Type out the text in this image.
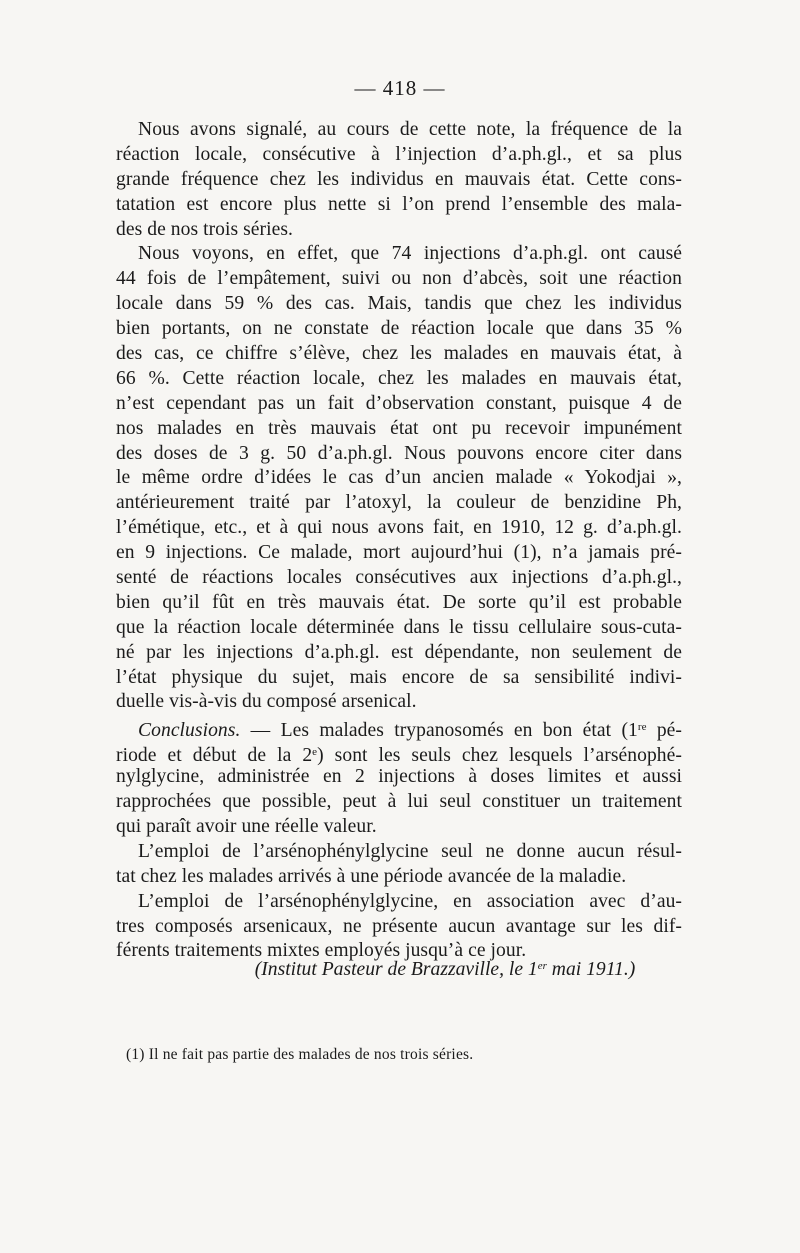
— 418 —
Nous avons signalé, au cours de cette note, la fréquence de la
réaction locale, consécutive à l’injection d’a.ph.gl., et sa plus
grande fréquence chez les individus en mauvais état. Cette cons-
tatation est encore plus nette si l’on prend l’ensemble des mala-
des de nos trois séries.
Nous voyons, en effet, que 74 injections d’a.ph.gl. ont causé
44 fois de l’empâtement, suivi ou non d’abcès, soit une réaction
locale dans 59 % des cas. Mais, tandis que chez les individus
bien portants, on ne constate de réaction locale que dans 35 %
des cas, ce chiffre s’élève, chez les malades en mauvais état, à
66 %. Cette réaction locale, chez les malades en mauvais état,
n’est cependant pas un fait d’observation constant, puisque 4 de
nos malades en très mauvais état ont pu recevoir impunément
des doses de 3 g. 50 d’a.ph.gl. Nous pouvons encore citer dans
le même ordre d’idées le cas d’un ancien malade « Yokodjai »,
antérieurement traité par l’atoxyl, la couleur de benzidine Ph,
l’émétique, etc., et à qui nous avons fait, en 1910, 12 g. d’a.ph.gl.
en 9 injections. Ce malade, mort aujourd’hui (1), n’a jamais pré-
senté de réactions locales consécutives aux injections d’a.ph.gl.,
bien qu’il fût en très mauvais état. De sorte qu’il est probable
que la réaction locale déterminée dans le tissu cellulaire sous-cuta-
né par les injections d’a.ph.gl. est dépendante, non seulement de
l’état physique du sujet, mais encore de sa sensibilité indivi-
duelle vis-à-vis du composé arsenical.
Conclusions. — Les malades trypanosomés en bon état (1re pé-
riode et début de la 2e) sont les seuls chez lesquels l’arsénophé-
nylglycine, administrée en 2 injections à doses limites et aussi
rapprochées que possible, peut à lui seul constituer un traitement
qui paraît avoir une réelle valeur.
L’emploi de l’arsénophénylglycine seul ne donne aucun résul-
tat chez les malades arrivés à une période avancée de la maladie.
L’emploi de l’arsénophénylglycine, en association avec d’au-
tres composés arsenicaux, ne présente aucun avantage sur les dif-
férents traitements mixtes employés jusqu’à ce jour.
(Institut Pasteur de Brazzaville, le 1er mai 1911.)
(1) Il ne fait pas partie des malades de nos trois séries.
